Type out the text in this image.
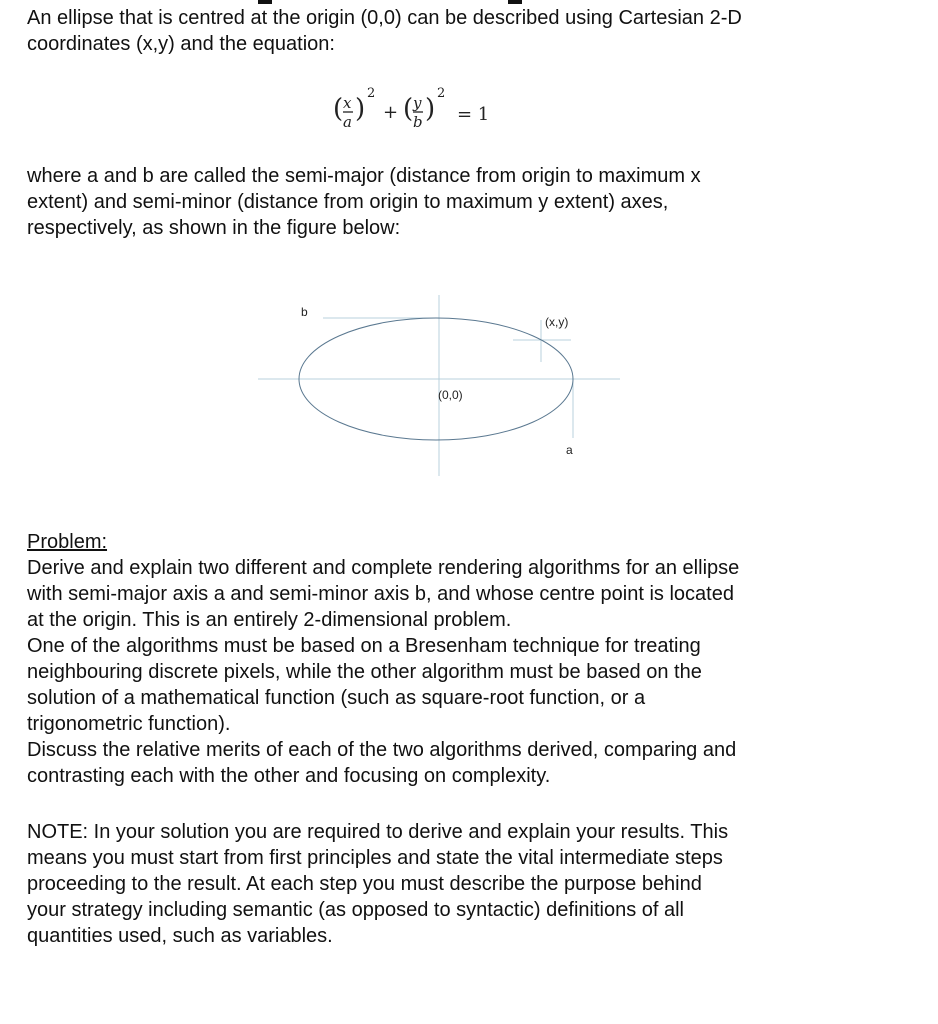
An ellipse that is centred at the origin (0,0) can be described using Cartesian 2-D
coordinates (x,y) and the equation:
( x
a )
2
+ ( y
b )
2
= 1
where a and b are called the semi-major (distance from origin to maximum x
extent) and semi-minor (distance from origin to maximum y extent) axes,
respectively, as shown in the figure below:
b
(x,y)
(0,0)
a
Problem:
Derive and explain two different and complete rendering algorithms for an ellipse
with semi-major axis a and semi-minor axis b, and whose centre point is located
at the origin. This is an entirely 2-dimensional problem.
One of the algorithms must be based on a Bresenham technique for treating
neighbouring discrete pixels, while the other algorithm must be based on the
solution of a mathematical function (such as square-root function, or a
trigonometric function).
Discuss the relative merits of each of the two algorithms derived, comparing and
contrasting each with the other and focusing on complexity.
NOTE: In your solution you are required to derive and explain your results. This
means you must start from first principles and state the vital intermediate steps
proceeding to the result. At each step you must describe the purpose behind
your strategy including semantic (as opposed to syntactic) definitions of all
quantities used, such as variables.
